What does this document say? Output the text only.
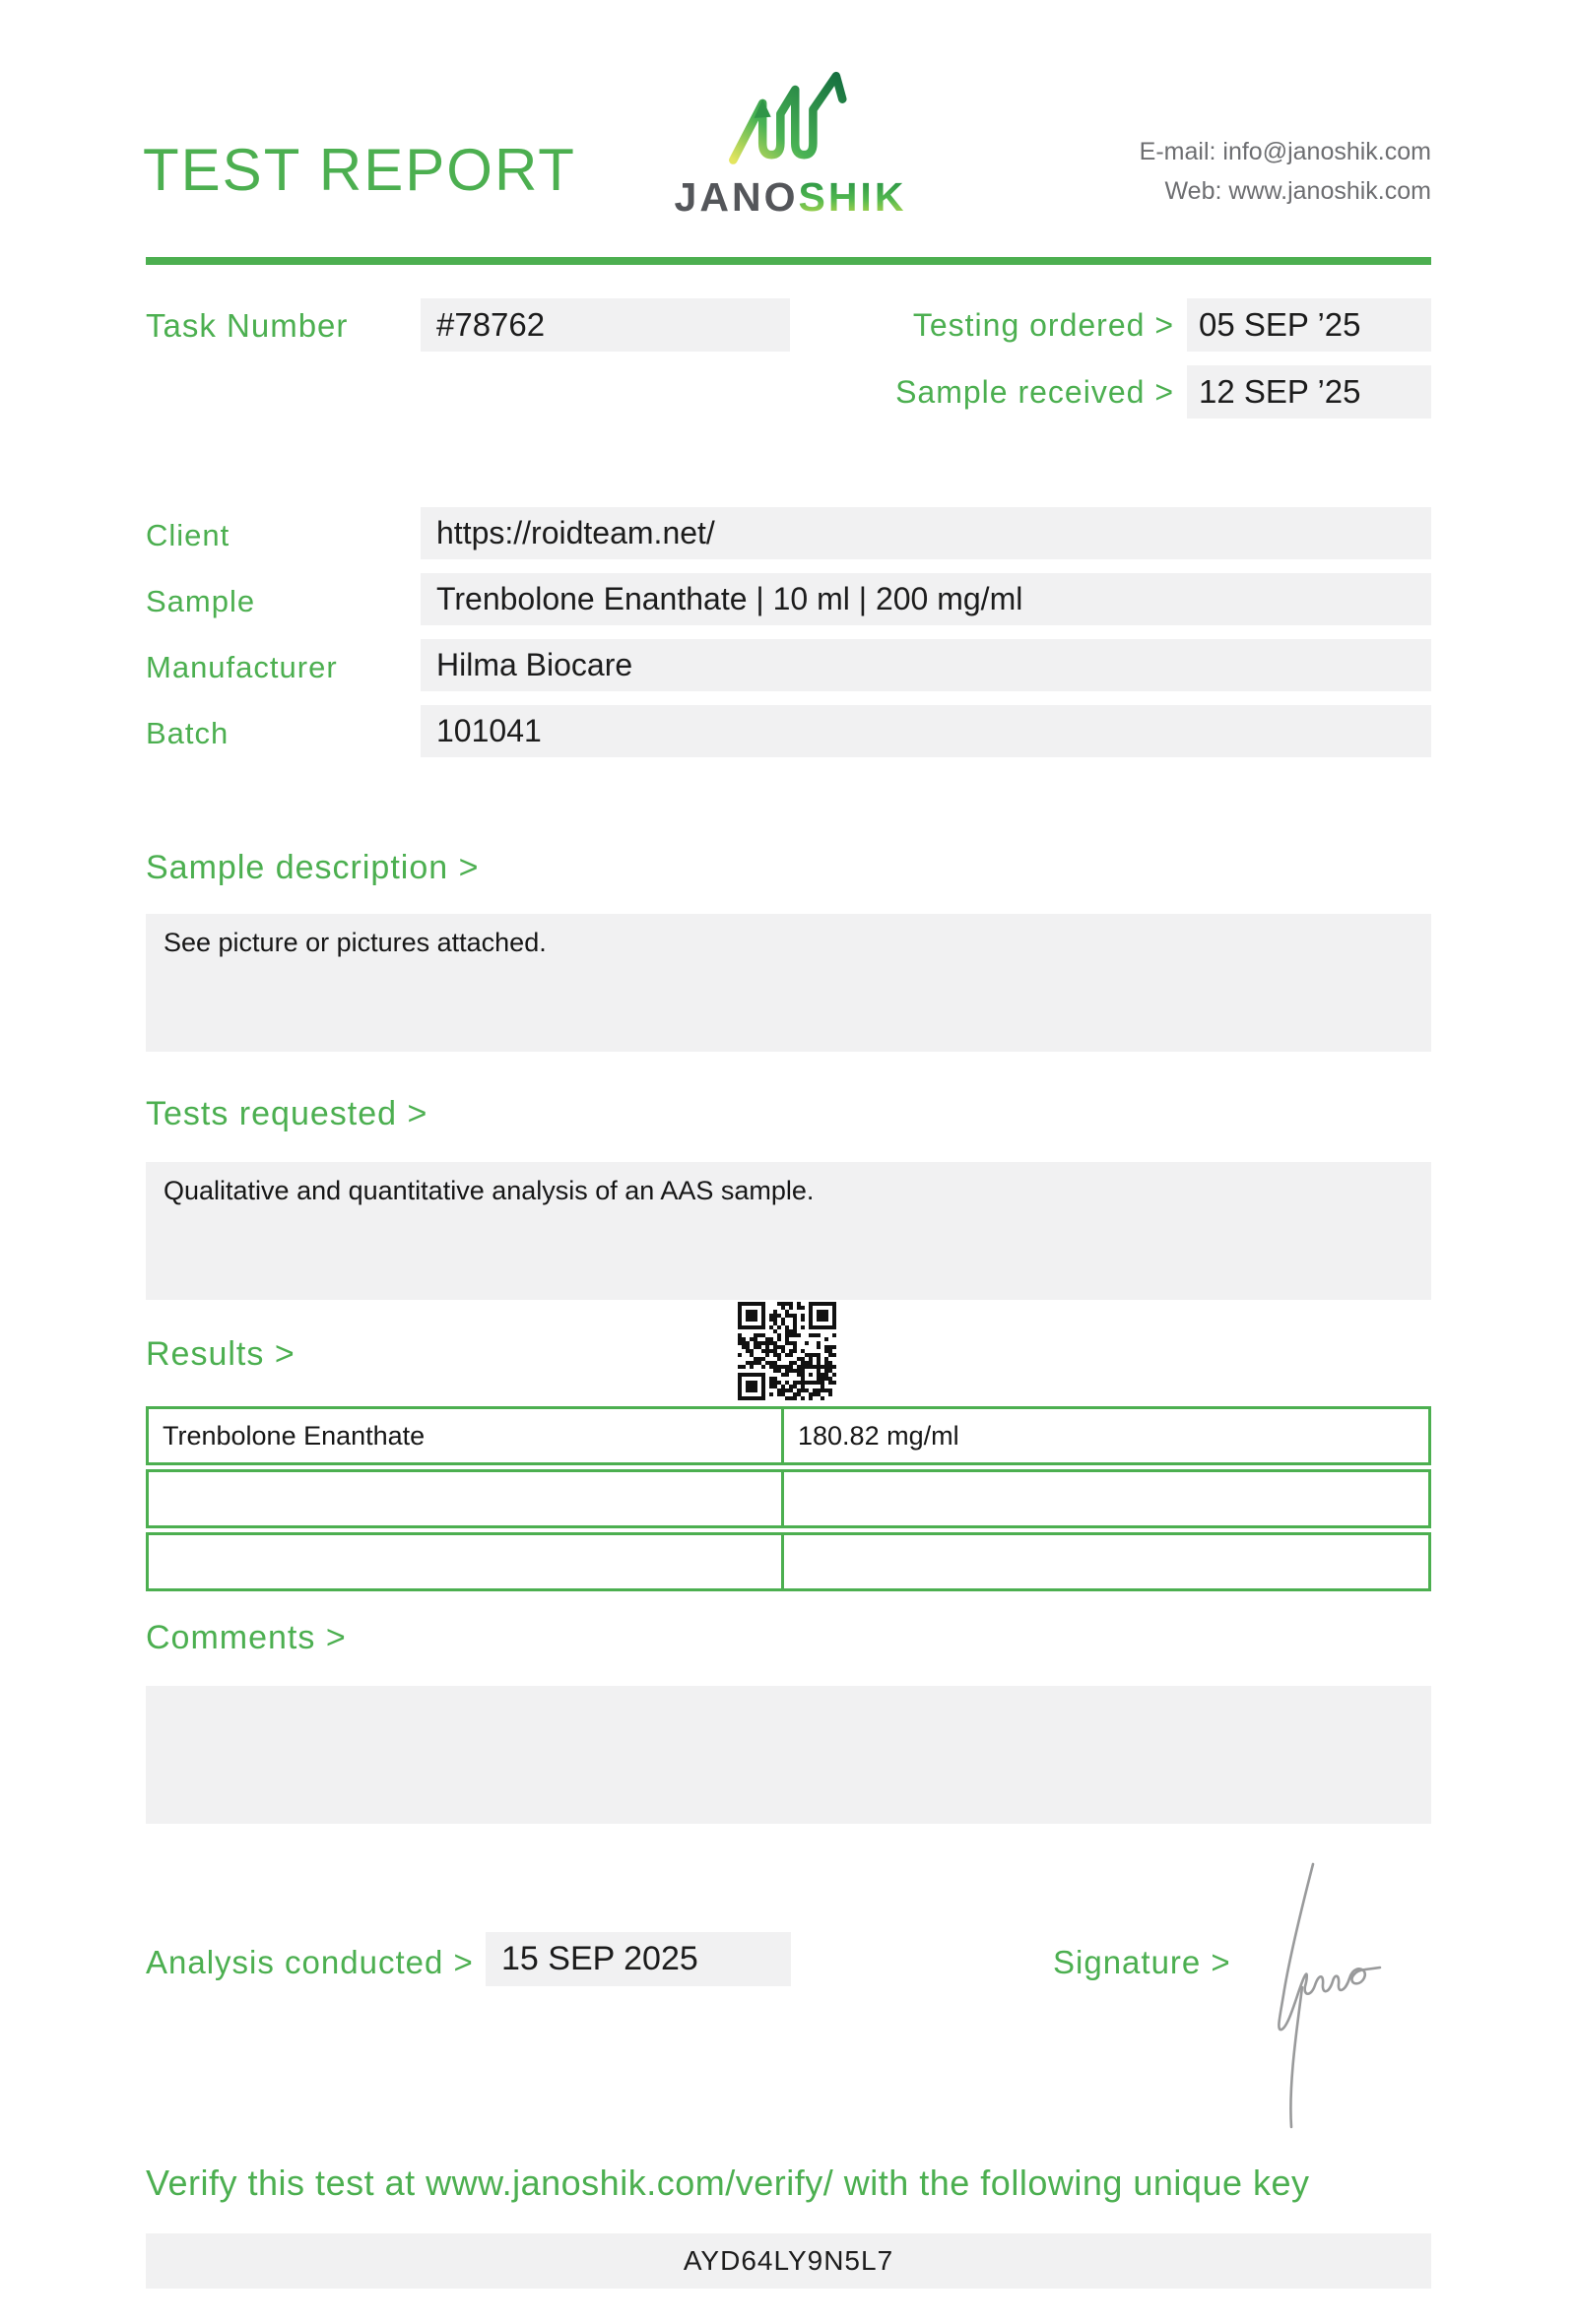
TEST REPORT	JANOSHIK
E-mail: info@janoshik.com
Web: www.janoshik.com
Task Number	#78762	Testing ordered > 05 SEP ’25
Sample received > 12 SEP ’25
Client	https://roidteam.net/
Sample	Trenbolone Enanthate | 10 ml | 200 mg/ml
Manufacturer	Hilma Biocare
Batch	101041
Sample description >
See picture or pictures attached.
Tests requested >
Qualitative and quantitative analysis of an AAS sample.
Results >
Trenbolone Enanthate	180.82 mg/ml
Comments >
Analysis conducted > 15 SEP 2025	Signature >
Verify this test at www.janoshik.com/verify/ with the following unique key
AYD64LY9N5L7
